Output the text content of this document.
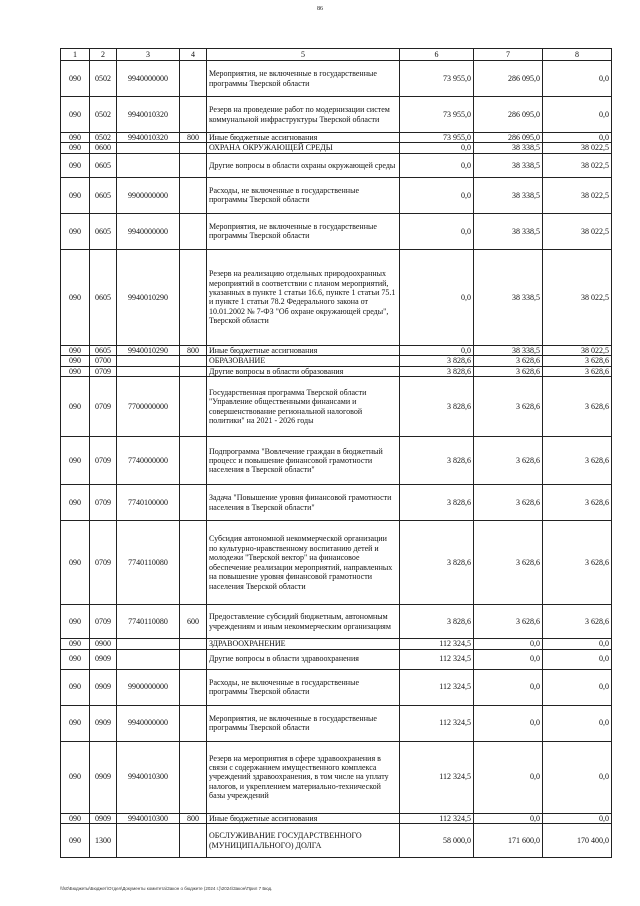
86
1	2	3	4	5	6	7	8
090	0502	9940000000		Мероприятия, не включенные в государственные программы Тверской области	73 955,0	286 095,0	0,0
090	0502	9940010320		Резерв на проведение работ по модернизации систем коммунальной инфраструктуры Тверской области	73 955,0	286 095,0	0,0
090	0502	9940010320	800	Иные бюджетные ассигнования	73 955,0	286 095,0	0,0
090	0600			ОХРАНА ОКРУЖАЮЩЕЙ СРЕДЫ	0,0	38 338,5	38 022,5
090	0605			Другие вопросы в области охраны окружающей среды	0,0	38 338,5	38 022,5
090	0605	9900000000		Расходы, не включенные в государственные программы Тверской области	0,0	38 338,5	38 022,5
090	0605	9940000000		Мероприятия, не включенные в государственные программы Тверской области	0,0	38 338,5	38 022,5
090	0605	9940010290		Резерв на реализацию отдельных природоохранных мероприятий в соответствии с планом мероприятий, указанных в пункте 1 статьи 16.6, пункте 1 статьи 75.1 и пункте 1 статьи 78.2 Федерального закона от 10.01.2002 № 7-ФЗ "Об охране окружающей среды", Тверской области	0,0	38 338,5	38 022,5
090	0605	9940010290	800	Иные бюджетные ассигнования	0,0	38 338,5	38 022,5
090	0700			ОБРАЗОВАНИЕ	3 828,6	3 628,6	3 628,6
090	0709			Другие вопросы в области образования	3 828,6	3 628,6	3 628,6
090	0709	7700000000		Государственная программа Тверской области "Управление общественными финансами и совершенствование региональной налоговой политики" на 2021 - 2026 годы	3 828,6	3 628,6	3 628,6
090	0709	7740000000		Подпрограмма "Вовлечение граждан в бюджетный процесс и повышение финансовой грамотности населения в Тверской области"	3 828,6	3 628,6	3 628,6
090	0709	7740100000		Задача "Повышение уровня финансовой грамотности населения в Тверской области"	3 828,6	3 628,6	3 628,6
090	0709	7740110080		Субсидия автономной некоммерческой организации по культурно-нравственному воспитанию детей и молодежи "Тверской вектор" на финансовое обеспечение реализации мероприятий, направленных на повышение уровня финансовой грамотности населения Тверской области	3 828,6	3 628,6	3 628,6
090	0709	7740110080	600	Предоставление субсидий бюджетным, автономным учреждениям и иным некоммерческим организациям	3 828,6	3 628,6	3 628,6
090	0900			ЗДРАВООХРАНЕНИЕ	112 324,5	0,0	0,0
090	0909			Другие вопросы в области здравоохранения	112 324,5	0,0	0,0
090	0909	9900000000		Расходы, не включенные в государственные программы Тверской области	112 324,5	0,0	0,0
090	0909	9940000000		Мероприятия, не включенные в государственные программы Тверской области	112 324,5	0,0	0,0
090	0909	9940010300		Резерв на мероприятия в сфере здравоохранения в связи с содержанием имущественного комплекса учреждений здравоохранения, в том числе на уплату налогов, и укреплением материально-технической базы учреждений	112 324,5	0,0	0,0
090	0909	9940010300	800	Иные бюджетные ассигнования	112 324,5	0,0	0,0
090	1300			ОБСЛУЖИВАНИЕ ГОСУДАРСТВЕННОГО (МУНИЦИПАЛЬНОГО) ДОЛГА	58 000,0	171 600,0	170 400,0
\\fs0\Бюджеты\Бюджет\Отдел\Документы комитета\Закон о бюджете (2024 г.)\2024\Закон\Прил 7 Бюд.
